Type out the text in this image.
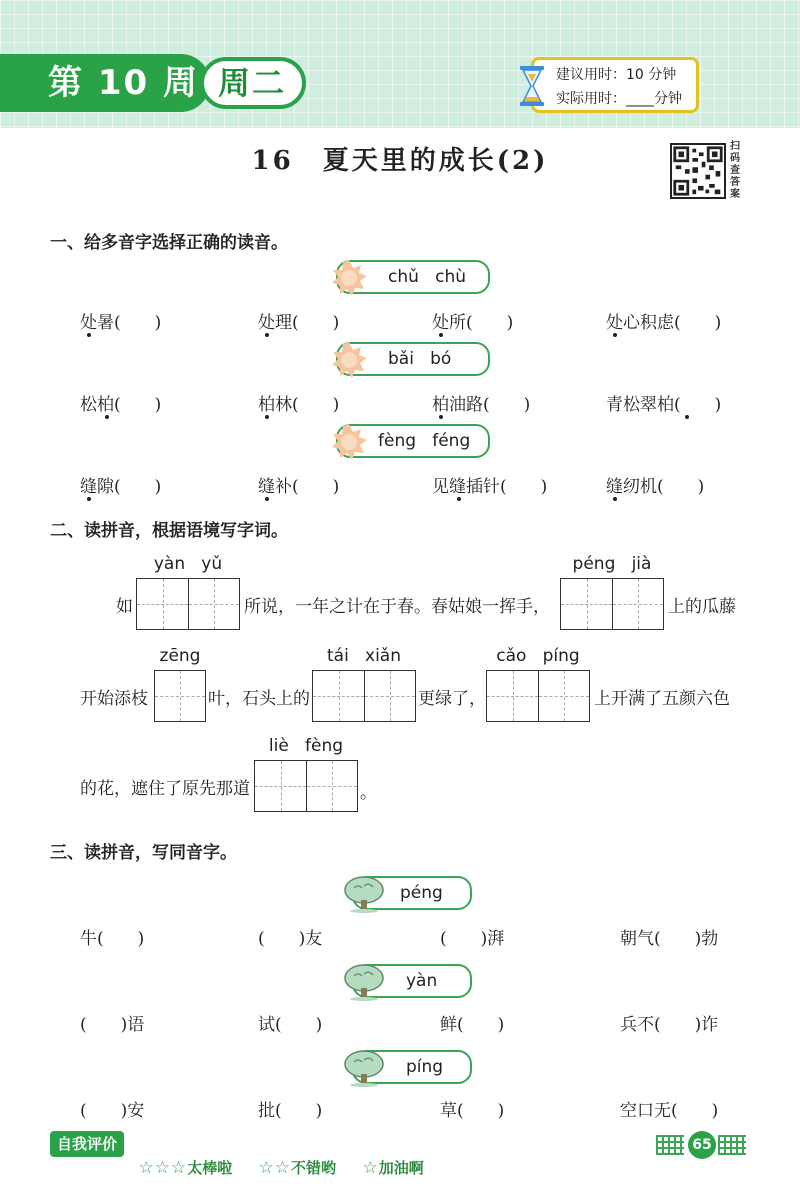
第 10 周 周二	建议用时：10 分钟
实际用时：____分钟
16　夏天里的成长(2)	扫码查答案
一、给多音字选择正确的读音。
chǔ   chù
处暑(　　)	处理(　　)	处所(　　)	处心积虑(　　)
bǎi   bó
松柏(　　)	柏林(　　)	柏油路(　　)	青松翠柏(　　)
fèng   féng
缝隙(　　)	缝补(　　)	见缝插针(　　)	缝纫机(　　)
二、读拼音，根据语境写字词。
yàn   yǔ
如	所说，一年之计在于春。春姑娘一挥手，
péng   jià
上的瓜藤
zēng
开始添枝	叶，石头上的
tái   xiǎn
更绿了，
cǎo   píng
上开满了五颜六色
liè   fèng
的花，遮住了原先那道	。
三、读拼音，写同音字。
péng
牛(　　)	(　　)友	(　　)湃	朝气(　　)勃
yàn
(　　)语	试(　　)	鲜(　　)	兵不(　　)诈
píng
(　　)安	批(　　)	草(　　)	空口无(　　)
自我评价

☆☆☆太棒啦	☆☆不错哟	☆加油啊

65
